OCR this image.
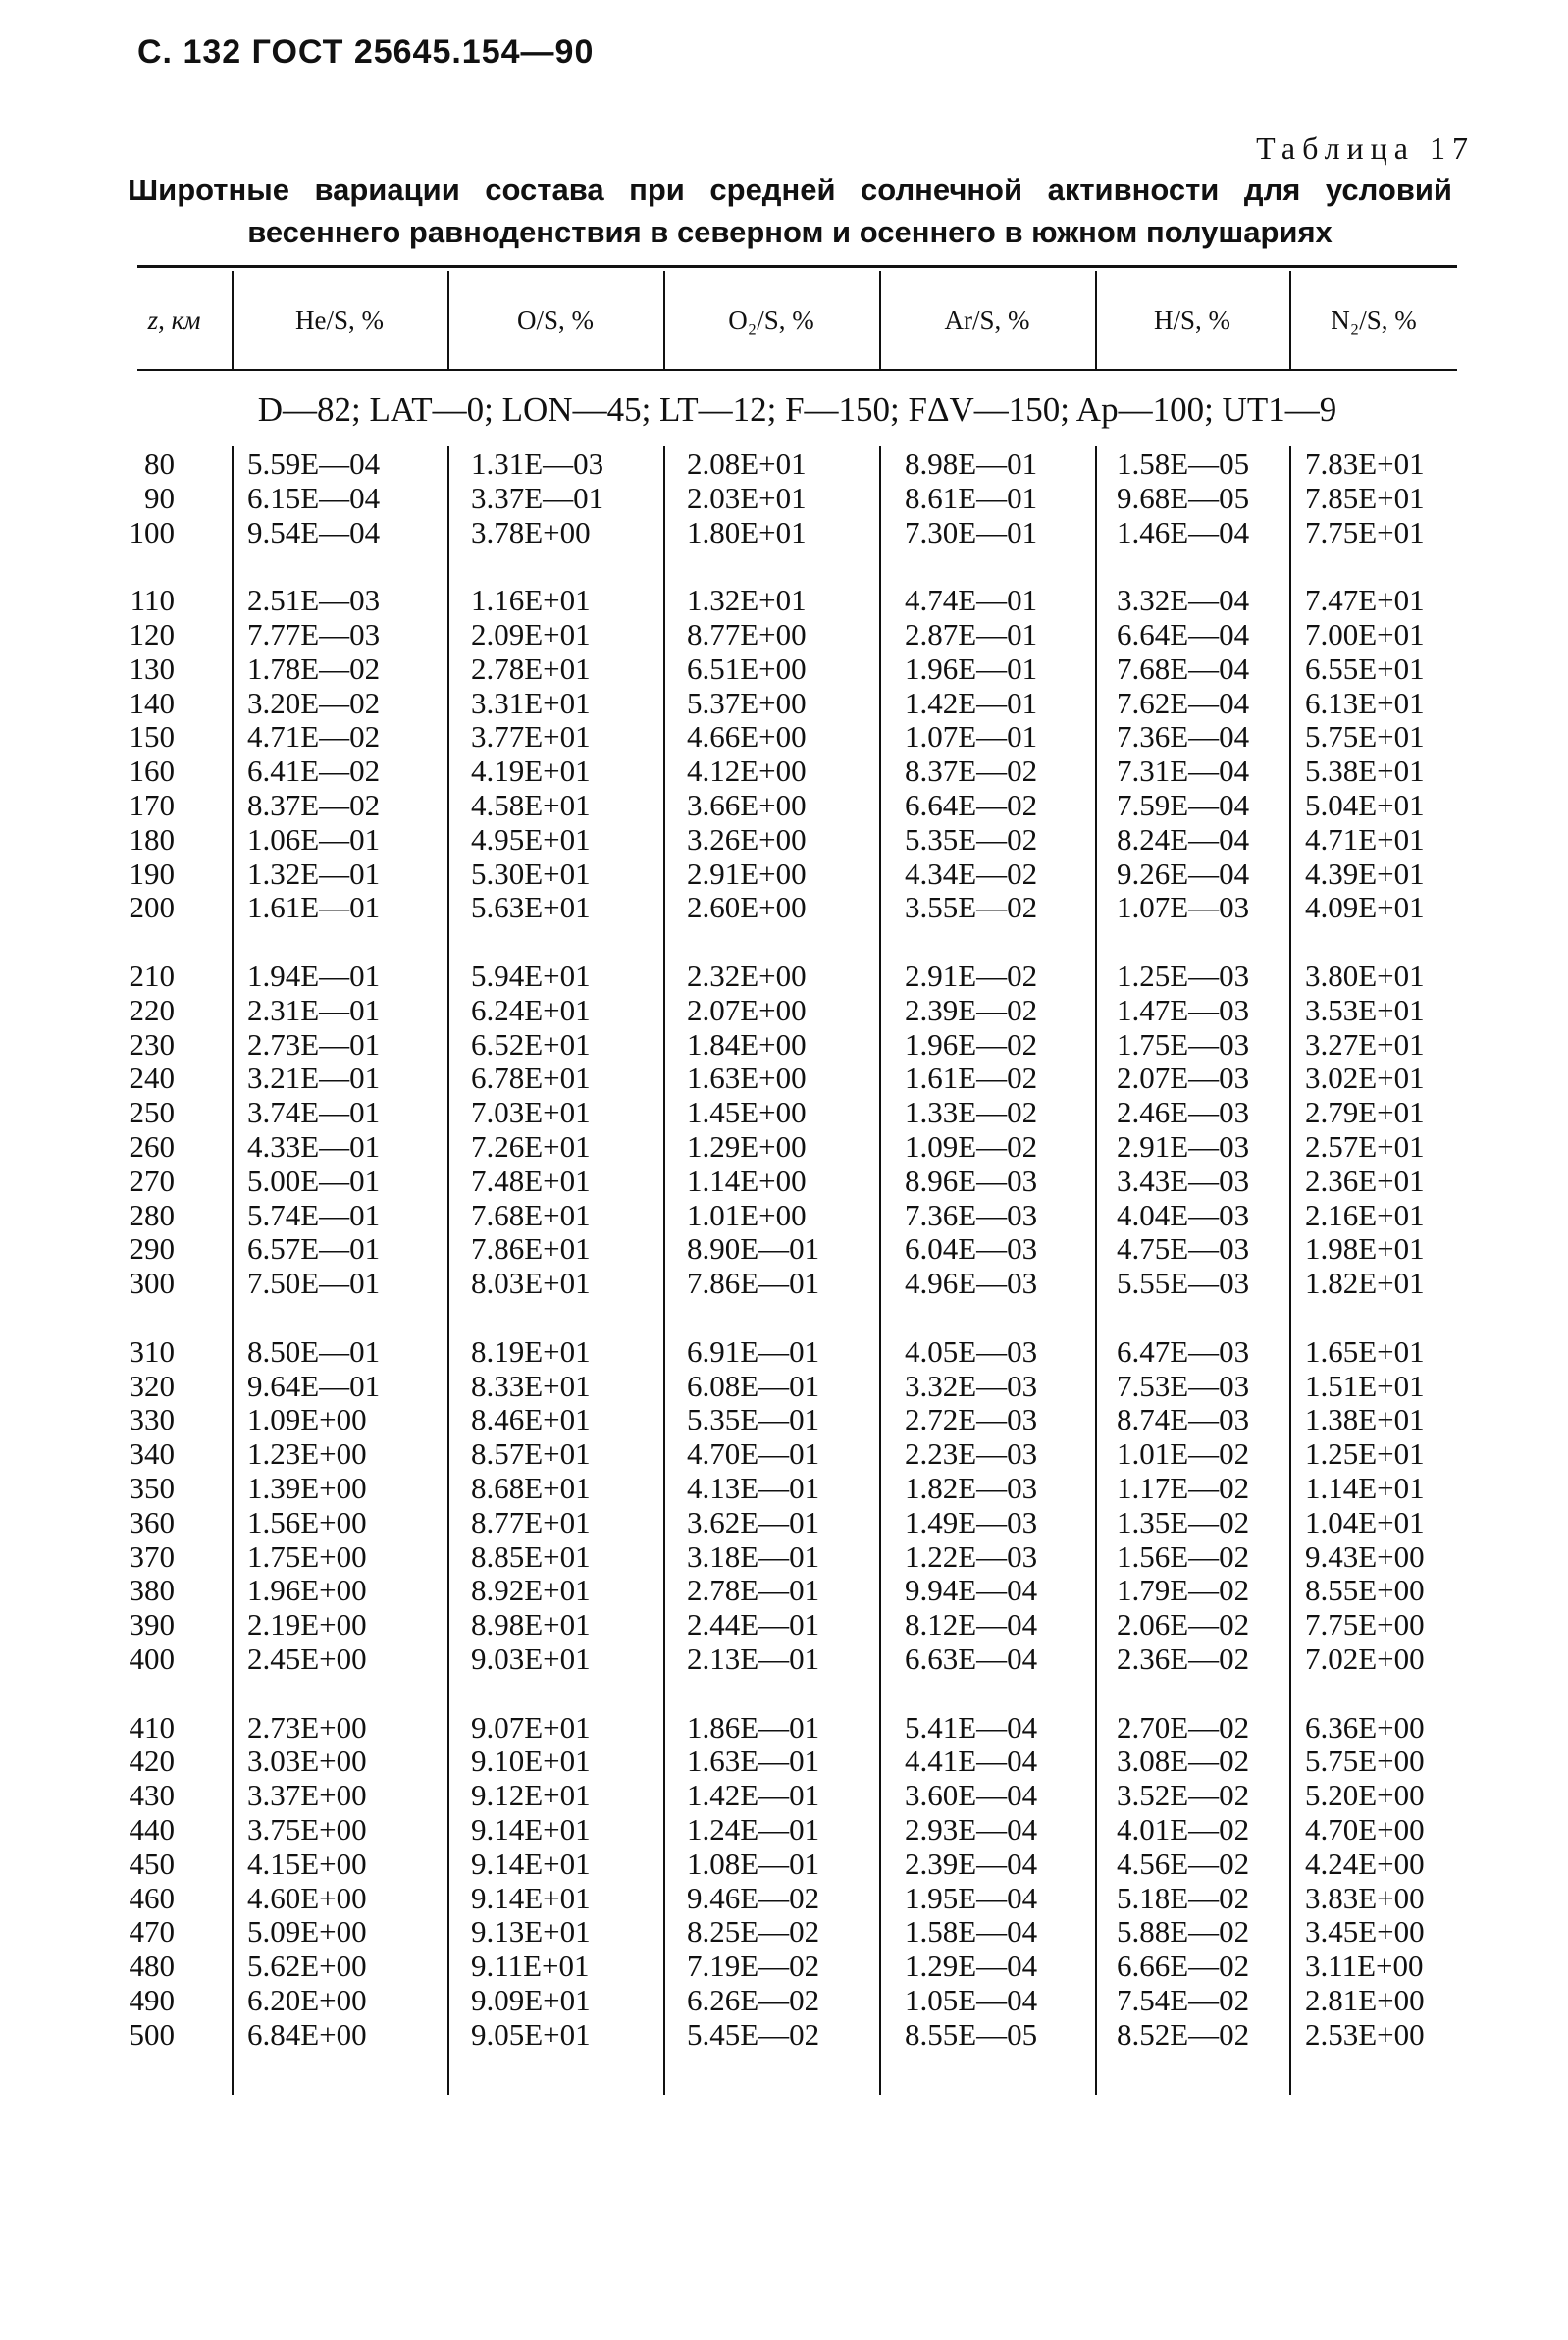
С. 132 ГОСТ 25645.154—90
Таблица 17
Широтные вариации состава при средней солнечной активности для условий
весеннего равноденствия в северном и осеннего в южном полушариях
z, км	He/S, %	O/S, %	O₂/S, %	Ar/S, %	H/S, %	N₂/S, %
D—82; LAT—0; LON—45; LT—12; F—150; FΔV—150; Ap—100; UT1—9
80 5.59E—04	1.31E—03	2.08E+01	8.98E—01	1.58E—05 7.83E+01
90 6.15E—04	3.37E—01	2.03E+01	8.61E—01	9.68E—05 7.85E+01
100 9.54E—04	3.78E+00	1.80E+01	7.30E—01	1.46E—04 7.75E+01
110 2.51E—03	1.16E+01	1.32E+01	4.74E—01	3.32E—04 7.47E+01
120 7.77E—03	2.09E+01	8.77E+00	2.87E—01	6.64E—04 7.00E+01
130 1.78E—02	2.78E+01	6.51E+00	1.96E—01	7.68E—04 6.55E+01
140 3.20E—02	3.31E+01	5.37E+00	1.42E—01	7.62E—04 6.13E+01
150 4.71E—02	3.77E+01	4.66E+00	1.07E—01	7.36E—04 5.75E+01
160 6.41E—02	4.19E+01	4.12E+00	8.37E—02	7.31E—04 5.38E+01
170 8.37E—02	4.58E+01	3.66E+00	6.64E—02	7.59E—04 5.04E+01
180 1.06E—01	4.95E+01	3.26E+00	5.35E—02	8.24E—04 4.71E+01
190 1.32E—01	5.30E+01	2.91E+00	4.34E—02	9.26E—04 4.39E+01
200 1.61E—01	5.63E+01	2.60E+00	3.55E—02	1.07E—03 4.09E+01
210 1.94E—01	5.94E+01	2.32E+00	2.91E—02	1.25E—03 3.80E+01
220 2.31E—01	6.24E+01	2.07E+00	2.39E—02	1.47E—03 3.53E+01
230 2.73E—01	6.52E+01	1.84E+00	1.96E—02	1.75E—03 3.27E+01
240 3.21E—01	6.78E+01	1.63E+00	1.61E—02	2.07E—03 3.02E+01
250 3.74E—01	7.03E+01	1.45E+00	1.33E—02	2.46E—03 2.79E+01
260 4.33E—01	7.26E+01	1.29E+00	1.09E—02	2.91E—03 2.57E+01
270 5.00E—01	7.48E+01	1.14E+00	8.96E—03	3.43E—03 2.36E+01
280 5.74E—01	7.68E+01	1.01E+00	7.36E—03	4.04E—03 2.16E+01
290 6.57E—01	7.86E+01	8.90E—01	6.04E—03	4.75E—03 1.98E+01
300 7.50E—01	8.03E+01	7.86E—01	4.96E—03	5.55E—03 1.82E+01
310 8.50E—01	8.19E+01	6.91E—01	4.05E—03	6.47E—03 1.65E+01
320 9.64E—01	8.33E+01	6.08E—01	3.32E—03	7.53E—03 1.51E+01
330 1.09E+00	8.46E+01	5.35E—01	2.72E—03	8.74E—03 1.38E+01
340 1.23E+00	8.57E+01	4.70E—01	2.23E—03	1.01E—02 1.25E+01
350 1.39E+00	8.68E+01	4.13E—01	1.82E—03	1.17E—02 1.14E+01
360 1.56E+00	8.77E+01	3.62E—01	1.49E—03	1.35E—02 1.04E+01
370 1.75E+00	8.85E+01	3.18E—01	1.22E—03	1.56E—02 9.43E+00
380 1.96E+00	8.92E+01	2.78E—01	9.94E—04	1.79E—02 8.55E+00
390 2.19E+00	8.98E+01	2.44E—01	8.12E—04	2.06E—02 7.75E+00
400 2.45E+00	9.03E+01	2.13E—01	6.63E—04	2.36E—02 7.02E+00
410 2.73E+00	9.07E+01	1.86E—01	5.41E—04	2.70E—02 6.36E+00
420 3.03E+00	9.10E+01	1.63E—01	4.41E—04	3.08E—02 5.75E+00
430 3.37E+00	9.12E+01	1.42E—01	3.60E—04	3.52E—02 5.20E+00
440 3.75E+00	9.14E+01	1.24E—01	2.93E—04	4.01E—02 4.70E+00
450 4.15E+00	9.14E+01	1.08E—01	2.39E—04	4.56E—02 4.24E+00
460 4.60E+00	9.14E+01	9.46E—02	1.95E—04	5.18E—02 3.83E+00
470 5.09E+00	9.13E+01	8.25E—02	1.58E—04	5.88E—02 3.45E+00
480 5.62E+00	9.11E+01	7.19E—02	1.29E—04	6.66E—02 3.11E+00
490 6.20E+00	9.09E+01	6.26E—02	1.05E—04	7.54E—02 2.81E+00
500 6.84E+00	9.05E+01	5.45E—02	8.55E—05	8.52E—02 2.53E+00
